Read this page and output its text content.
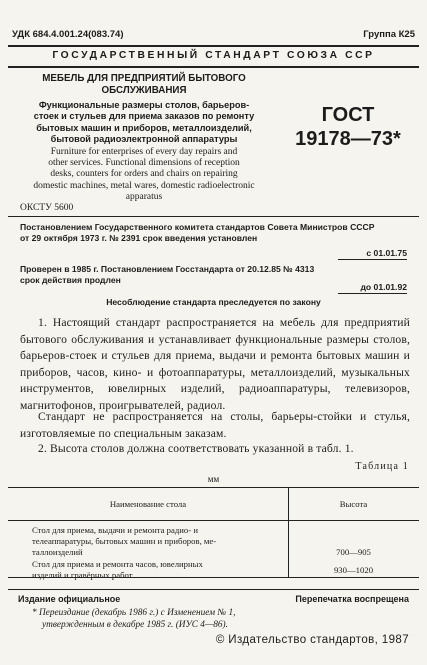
УДК 684.4.001.24(083.74)	Группа К25
ГОСУДАРСТВЕННЫЙ СТАНДАРТ СОЮЗА ССР
МЕБЕЛЬ ДЛЯ ПРЕДПРИЯТИЙ БЫТОВОГО
ОБСЛУЖИВАНИЯ
Функциональные размеры столов, барьеров-
стоек и стульев для приема заказов по ремонту
бытовых машин и приборов, металлоизделий,
бытовой радиоэлектронной аппаратуры
Furniture for enterprises of every day repairs and
other services. Functional dimensions of reception
desks, counters for orders and chairs on repairing
domestic machines, metal wares, domestic radioelectronic
apparatus
ОКСТУ 5600
ГОСТ
19178—73*
Постановлением Государственного комитета стандартов Совета Министров СССР
от 29 октября 1973 г. № 2391 срок введения установлен
с 01.01.75
Проверен в 1985 г. Постановлением Госстандарта от 20.12.85 № 4313
срок действия продлен
до 01.01.92
Несоблюдение стандарта преследуется по закону
1. Настоящий стандарт распространяется на мебель для предприятий бытового обслуживания и устанавливает функциональные размеры столов, барьеров-стоек и стульев для приема, выдачи и ремонта бытовых машин и приборов, часов, кино- и фотоаппаратуры, металлоизделий, музыкальных инструментов, ювелирных изделий, радиоаппаратуры, телевизоров, магнитофонов, проигрывателей, радиол.
Стандарт не распространяется на столы, барьеры-стойки и стулья, изготовляемые по специальным заказам.
2. Высота столов должна соответствовать указанной в табл. 1.
Таблица 1
мм
Наименование стола	Высота
Стол для приема, выдачи и ремонта радио- и
телеаппаратуры, бытовых машин и приборов, ме-
таллоизделий	700—905
Стол для приема и ремонта часов, ювелирных
изделий и гравёрных работ	930—1020
Издание официальное	Перепечатка воспрещена
* Переиздание (декабрь 1986 г.) с Изменением № 1,
утвержденным в декабре 1985 г. (ИУС 4—86).
© Издательство стандартов, 1987
